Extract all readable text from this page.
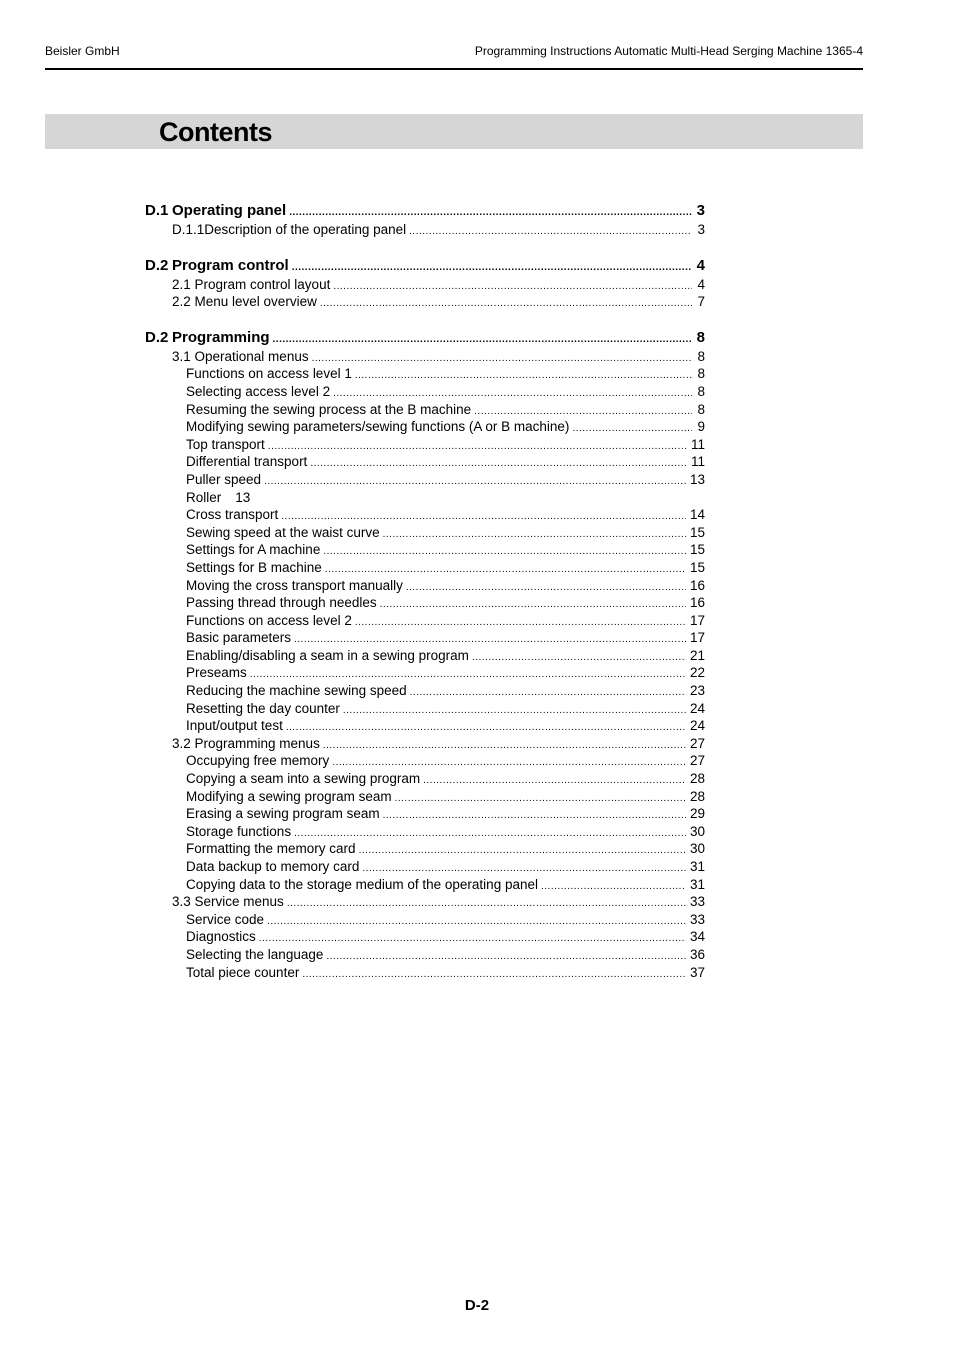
Beisler GmbH	Programming Instructions Automatic Multi-Head Serging Machine 1365-4
Contents
D.1 Operating panel .....	3
D.1.1Description of the operating panel .....	3
D.2 Program control .....	4
2.1 Program control layout .....	4
2.2 Menu level overview .....	7
D.2 Programming .....	8
3.1 Operational menus .....	8
Functions on access level 1 .....	8
Selecting access level 2 .....	8
Resuming the sewing process at the B machine .....	8
Modifying sewing parameters/sewing functions (A or B machine) .....	9
Top transport .....	11
Differential transport .....	11
Puller speed .....	13
Roller 13
Cross transport .....	14
Sewing speed at the waist curve .....	15
Settings for A machine .....	15
Settings for B machine .....	15
Moving the cross transport manually .....	16
Passing thread through needles .....	16
Functions on access level 2 .....	17
Basic parameters .....	17
Enabling/disabling a seam in a sewing program .....	21
Preseams .....	22
Reducing the machine sewing speed .....	23
Resetting the day counter .....	24
Input/output test .....	24
3.2 Programming menus .....	27
Occupying free memory .....	27
Copying a seam into a sewing program .....	28
Modifying a sewing program seam .....	28
Erasing a sewing program seam .....	29
Storage functions .....	30
Formatting the memory card .....	30
Data backup to memory card .....	31
Copying data to the storage medium of the operating panel .....	31
3.3 Service menus .....	33
Service code .....	33
Diagnostics .....	34
Selecting the language .....	36
Total piece counter .....	37
D-2
